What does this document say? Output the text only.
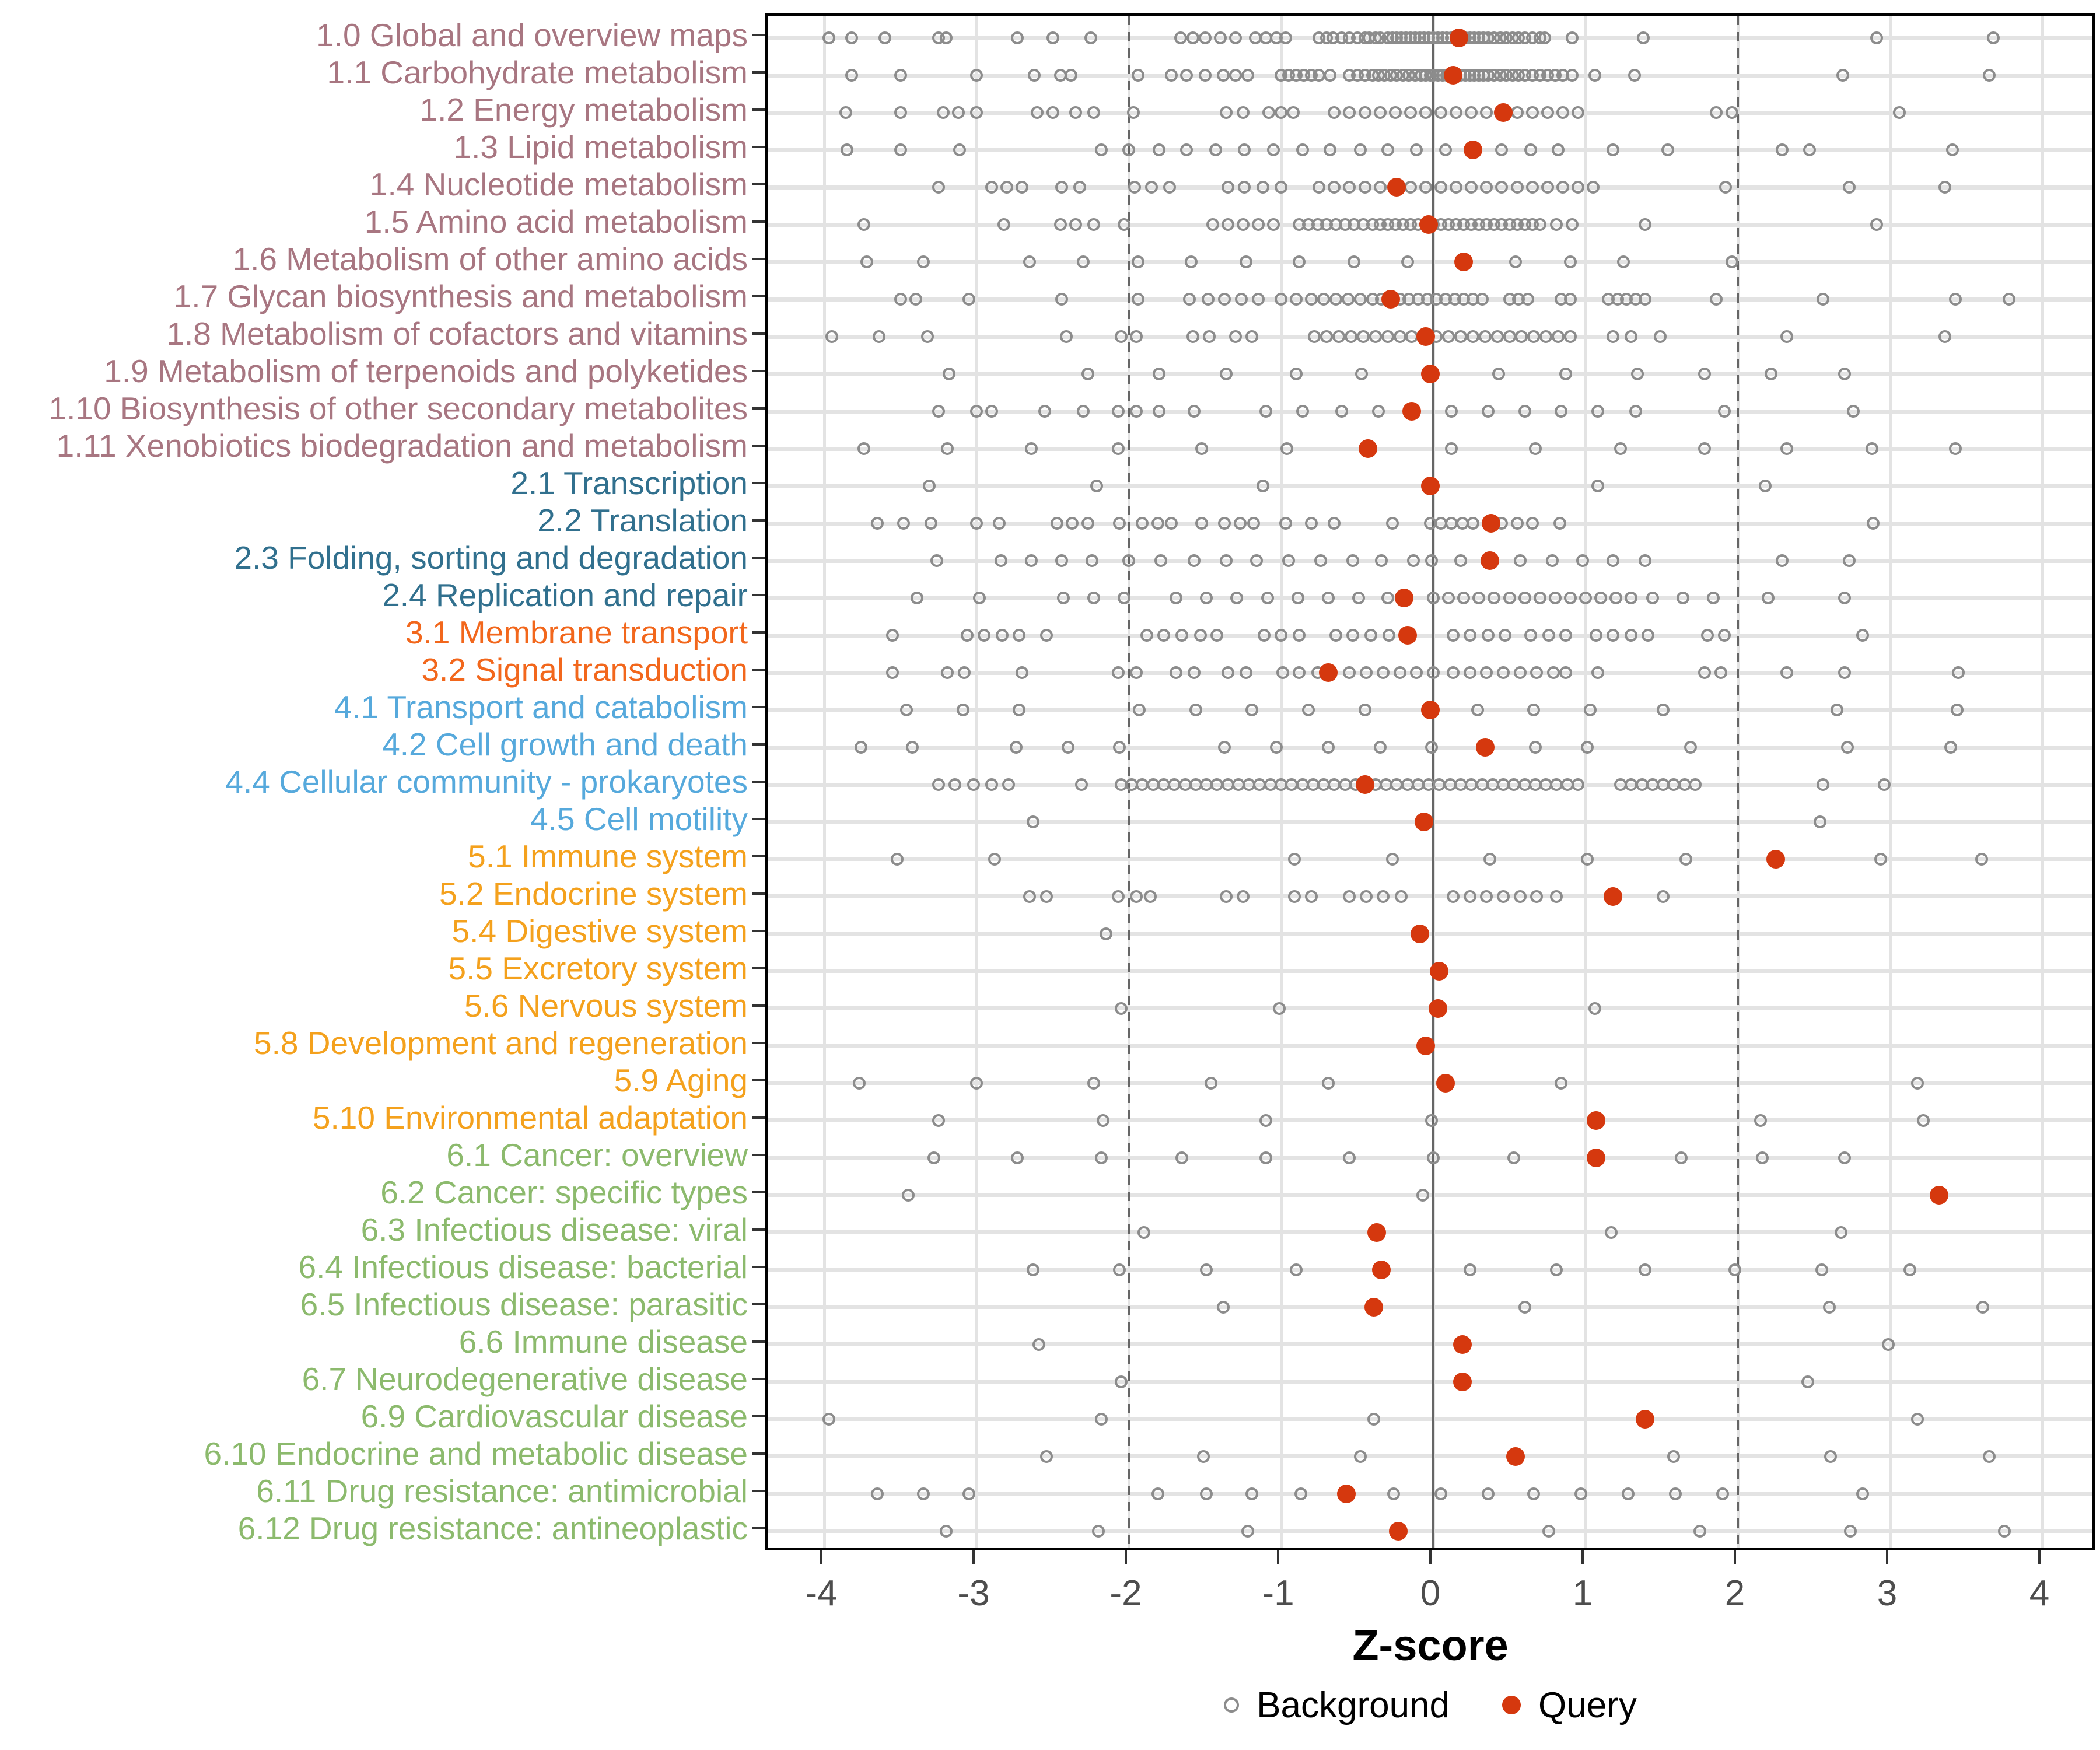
1.0 Global and overview maps
1.1 Carbohydrate metabolism
1.2 Energy metabolism
1.3 Lipid metabolism
1.4 Nucleotide metabolism
1.5 Amino acid metabolism
1.6 Metabolism of other amino acids
1.7 Glycan biosynthesis and metabolism
1.8 Metabolism of cofactors and vitamins
1.9 Metabolism of terpenoids and polyketides
1.10 Biosynthesis of other secondary metabolites
1.11 Xenobiotics biodegradation and metabolism
2.1 Transcription
2.2 Translation
2.3 Folding, sorting and degradation
2.4 Replication and repair
3.1 Membrane transport
3.2 Signal transduction
4.1 Transport and catabolism
4.2 Cell growth and death
4.4 Cellular community - prokaryotes
4.5 Cell motility
5.1 Immune system
5.2 Endocrine system
5.4 Digestive system
5.5 Excretory system
5.6 Nervous system
5.8 Development and regeneration
5.9 Aging
5.10 Environmental adaptation
6.1 Cancer: overview
6.2 Cancer: specific types
6.3 Infectious disease: viral
6.4 Infectious disease: bacterial
6.5 Infectious disease: parasitic
6.6 Immune disease
6.7 Neurodegenerative disease
6.9 Cardiovascular disease
6.10 Endocrine and metabolic disease
6.11 Drug resistance: antimicrobial
6.12 Drug resistance: antineoplastic
-4	-3	-2	-1	0	1	2	3	4
Z-score
Background Query
